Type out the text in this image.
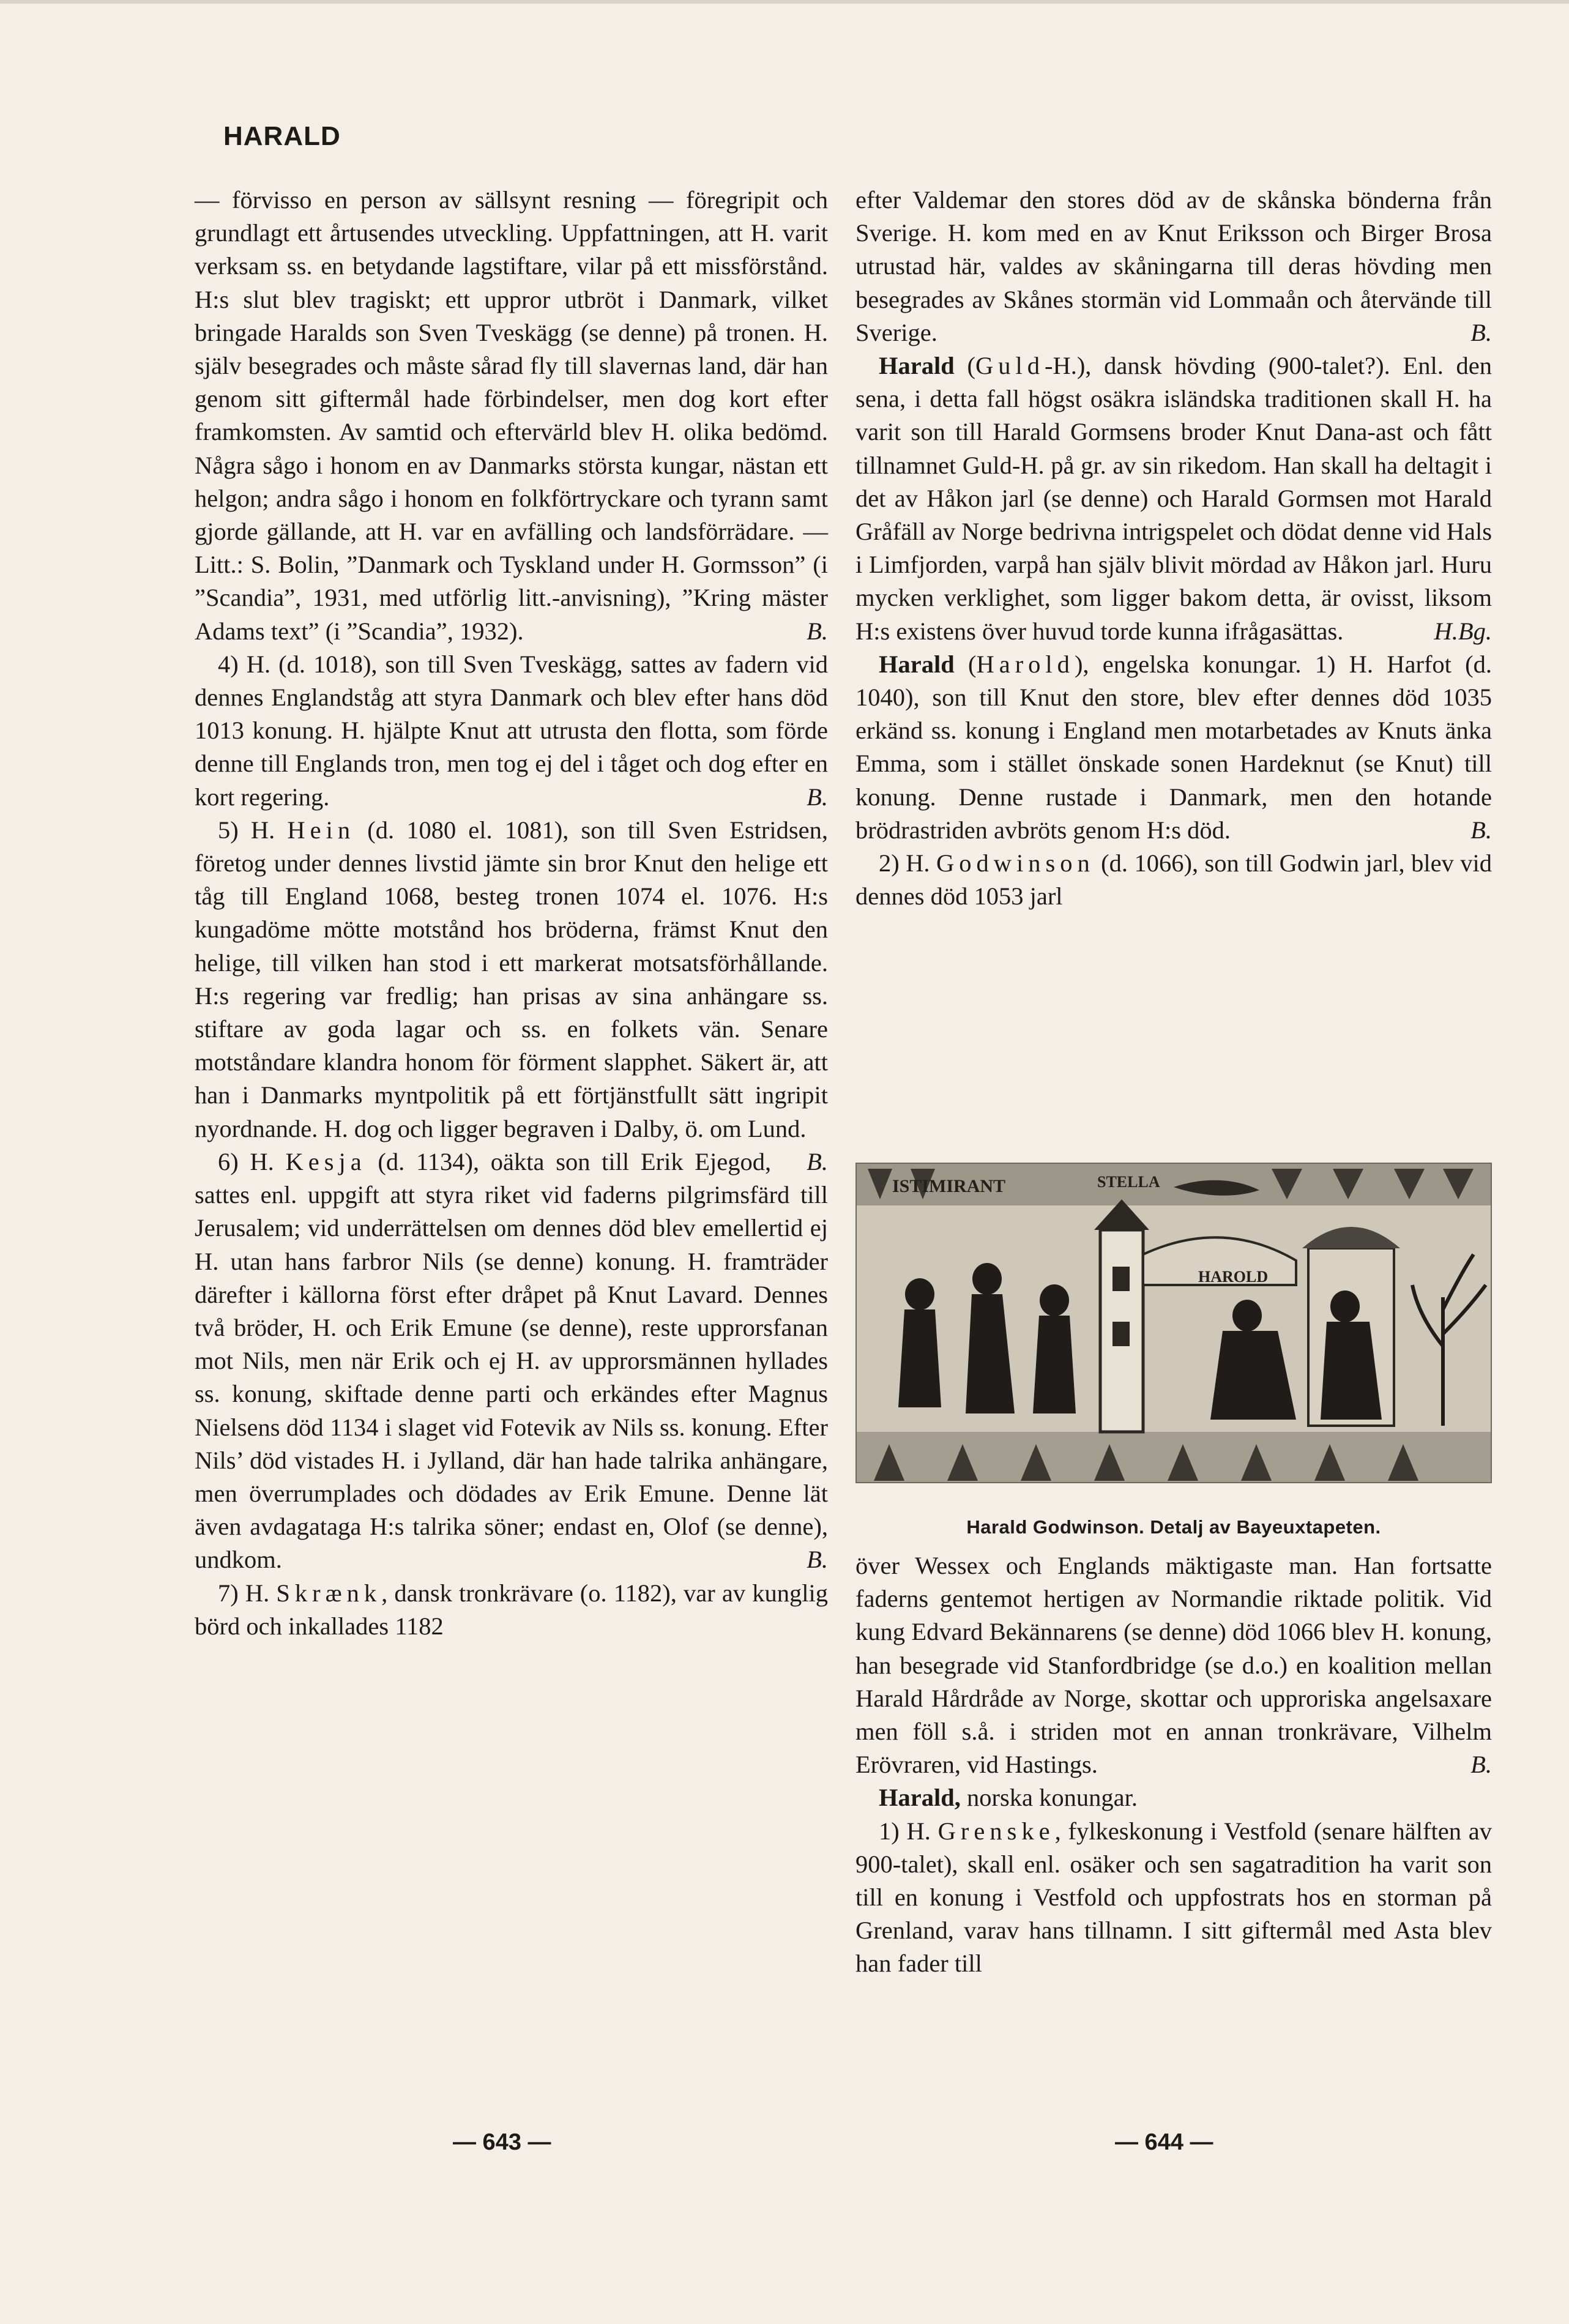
HARALD

— förvisso en person av sällsynt resning — föregripit och grundlagt ett årtusendes utveckling. Uppfattningen, att H. varit verksam ss. en betydande lagstiftare, vilar på ett missförstånd. H:s slut blev tragiskt; ett uppror utbröt i Danmark, vilket bringade Haralds son Sven Tveskägg (se denne) på tronen. H. själv besegrades och måste sårad fly till slavernas land, där han genom sitt giftermål hade förbindelser, men dog kort efter framkomsten. Av samtid och eftervärld blev H. olika bedömd. Några sågo i honom en av Danmarks största kungar, nästan ett helgon; andra sågo i honom en folkförtryckare och tyrann samt gjorde gällande, att H. var en avfälling och landsförrädare. — Litt.: S. Bolin, ”Danmark och Tyskland under H. Gormsson” (i ”Scandia”, 1931, med utförlig litt.-anvisning), ”Kring mäster Adams text” (i ”Scandia”, 1932).	B.

4) H. (d. 1018), son till Sven Tveskägg, sattes av fadern vid dennes Englandståg att styra Danmark och blev efter hans död 1013 konung. H. hjälpte Knut att utrusta den flotta, som förde denne till Englands tron, men tog ej del i tåget och dog efter en kort regering.	B.

5) H. Hein (d. 1080 el. 1081), son till Sven Estridsen, företog under dennes livstid jämte sin bror Knut den helige ett tåg till England 1068, besteg tronen 1074 el. 1076. H:s kungadöme mötte motstånd hos bröderna, främst Knut den helige, till vilken han stod i ett markerat motsatsförhållande. H:s regering var fredlig; han prisas av sina anhängare ss. stiftare av goda lagar och ss. en folkets vän. Senare motståndare klandra honom för förment slapphet. Säkert är, att han i Danmarks myntpolitik på ett förtjänstfullt sätt ingripit nyordnande. H. dog och ligger begraven i Dalby, ö. om Lund.
B.

6) H. Kesja (d. 1134), oäkta son till Erik Ejegod, sattes enl. uppgift att styra riket vid faderns pilgrimsfärd till Jerusalem; vid underrättelsen om dennes död blev emellertid ej H. utan hans farbror Nils (se denne) konung. H. framträder därefter i källorna först efter dråpet på Knut Lavard. Dennes två bröder, H. och Erik Emune (se denne), reste upprorsfanan mot Nils, men när Erik och ej H. av upprorsmännen hyllades ss. konung, skiftade denne parti och erkändes efter Magnus Nielsens död 1134 i slaget vid Fotevik av Nils ss. konung. Efter Nils’ död vistades H. i Jylland, där han hade talrika anhängare, men överrumplades och dödades av Erik Emune. Denne lät även avdagataga H:s talrika söner; endast en, Olof (se denne), undkom.	B.

7) H. Skrænk, dansk tronkrävare (o. 1182), var av kunglig börd och inkallades 1182

efter Valdemar den stores död av de skånska bönderna från Sverige. H. kom med en av Knut Eriksson och Birger Brosa utrustad här, valdes av skåningarna till deras hövding men besegrades av Skånes stormän vid Lommaån och återvände till Sverige.	B.

Harald (Guld-H.), dansk hövding (900-talet?). Enl. den sena, i detta fall högst osäkra isländska traditionen skall H. ha varit son till Harald Gormsens broder Knut Dana-ast och fått tillnamnet Guld-H. på gr. av sin rikedom. Han skall ha deltagit i det av Håkon jarl (se denne) och Harald Gormsen mot Harald Gråfäll av Norge bedrivna intrigspelet och dödat denne vid Hals i Limfjorden, varpå han själv blivit mördad av Håkon jarl. Huru mycken verklighet, som ligger bakom detta, är ovisst, liksom H:s existens över huvud torde kunna ifrågasättas.	H.Bg.

Harald (Harold), engelska konungar. 1) H. Harfot (d. 1040), son till Knut den store, blev efter dennes död 1035 erkänd ss. konung i England men motarbetades av Knuts änka Emma, som i stället önskade sonen Hardeknut (se Knut) till konung. Denne rustade i Danmark, men den hotande brödrastriden avbröts genom H:s död.	B.

2) H. Godwinson (d. 1066), son till Godwin jarl, blev vid dennes död 1053 jarl

ISTIMIRANT	STELLA
HAROLD
Harald Godwinson. Detalj av Bayeuxtapeten.

över Wessex och Englands mäktigaste man. Han fortsatte faderns gentemot hertigen av Normandie riktade politik. Vid kung Edvard Bekännarens (se denne) död 1066 blev H. konung, han besegrade vid Stanfordbridge (se d.o.) en koalition mellan Harald Hårdråde av Norge, skottar och upproriska angelsaxare men föll s.å. i striden mot en annan tronkrävare, Vilhelm Erövraren, vid Hastings.	B.

Harald, norska konungar.

1) H. Grenske, fylkeskonung i Vestfold (senare hälften av 900-talet), skall enl. osäker och sen sagatradition ha varit son till en konung i Vestfold och uppfostrats hos en storman på Grenland, varav hans tillnamn. I sitt giftermål med Asta blev han fader till

— 643 —	— 644 —
